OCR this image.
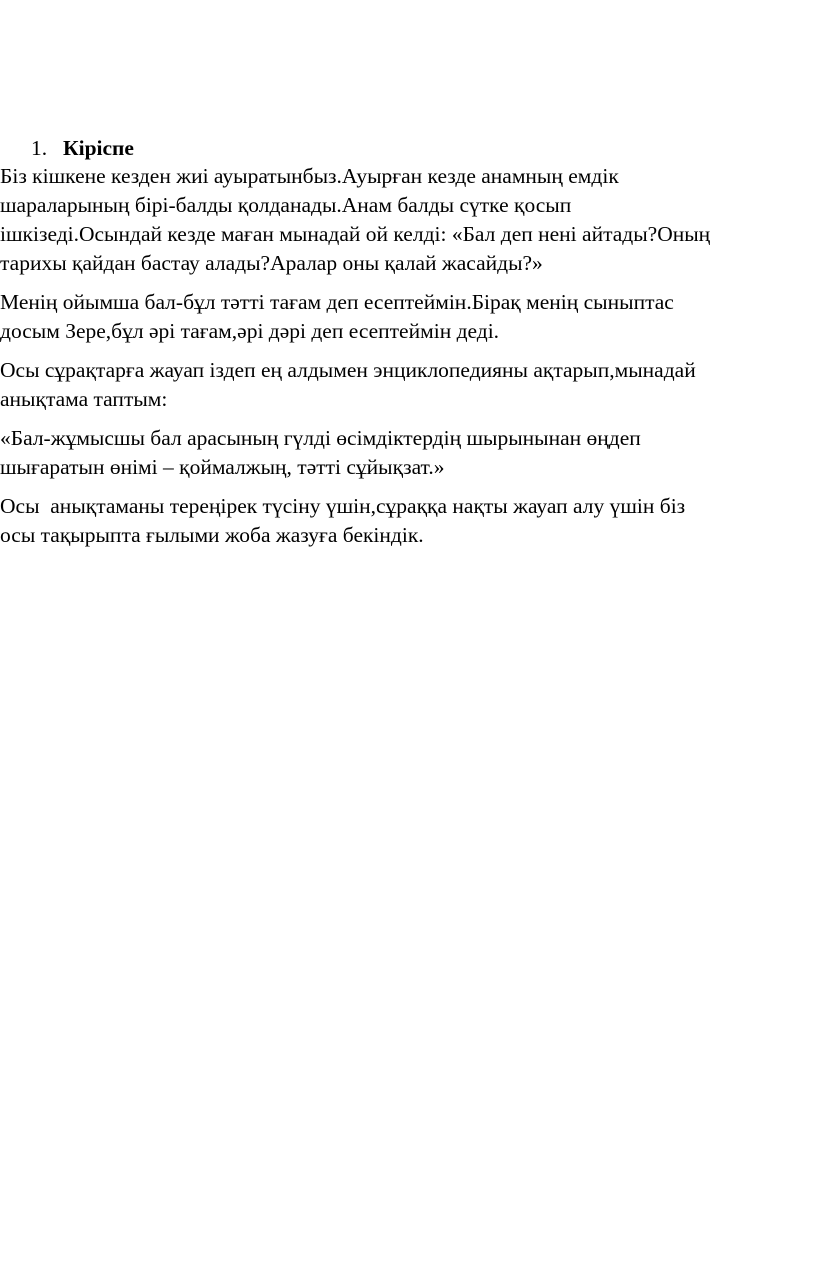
1. Кіріспе

Біз кішкене кезден жиі ауыратынбыз.Ауырған кезде анамның емдік
шараларының бірі-балды қолданады.Анам балды сүтке қосып
ішкізеді.Осындай кезде маған мынадай ой келді: «Бал деп нені айтады?Оның
тарихы қайдан бастау алады?Аралар оны қалай жасайды?»

Менің ойымша бал-бұл тәтті тағам деп есептеймін.Бірақ менің сыныптас
досым Зере,бұл әрі тағам,әрі дәрі деп есептеймін деді.

Осы сұрақтарға жауап іздеп ең алдымен энциклопедияны ақтарып,мынадай
анықтама таптым:

«Бал-жұмысшы бал арасының гүлді өсімдіктердің шырынынан өңдеп
шығаратын өнімі – қоймалжың, тәтті сұйықзат.»

Осы  анықтаманы тереңірек түсіну үшін,сұраққа нақты жауап алу үшін біз
осы тақырыпта ғылыми жоба жазуға бекіндік.
